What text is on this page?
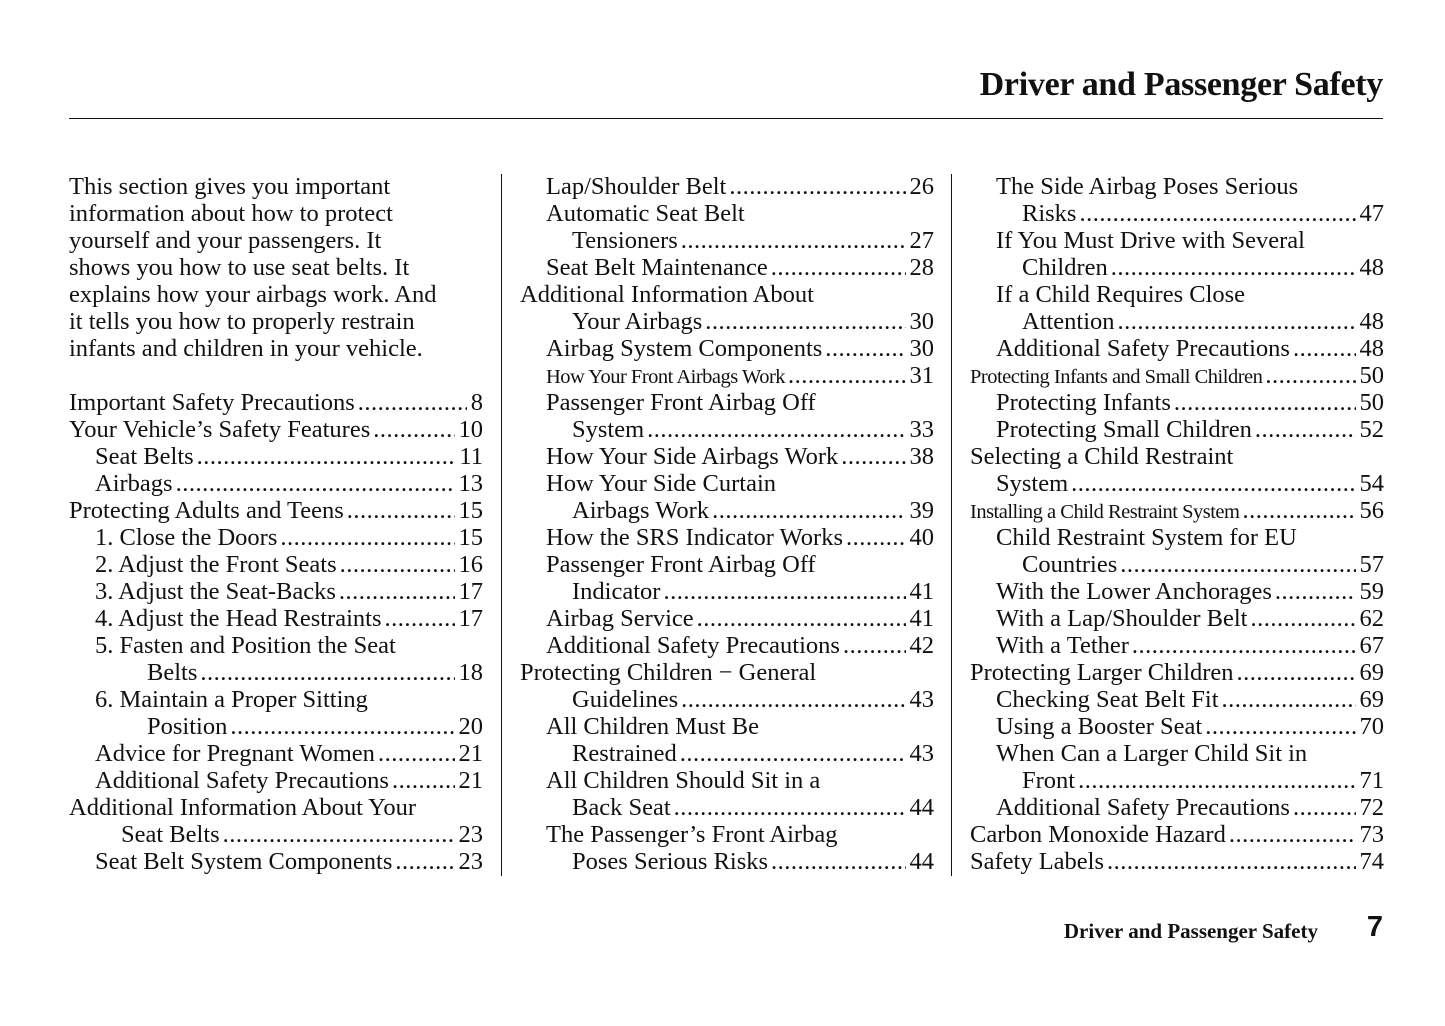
Driver and Passenger Safety
This section gives you important
information about how to protect
yourself and your passengers. It
shows you how to use seat belts. It
explains how your airbags work. And
it tells you how to properly restrain
infants and children in your vehicle.
Important Safety Precautions .....	8
Your Vehicle’s Safety Features .....	10
Seat Belts .....	11
Airbags .....	13
Protecting Adults and Teens .....	15
1. Close the Doors .....	15
2. Adjust the Front Seats .....	16
3. Adjust the Seat-Backs .....	17
4. Adjust the Head Restraints .....	17
5. Fasten and Position the Seat
Belts .....	18
6. Maintain a Proper Sitting
Position .....	20
Advice for Pregnant Women .....	21
Additional Safety Precautions .....	21
Additional Information About Your
Seat Belts .....	23
Seat Belt System Components .....	23
Lap/Shoulder Belt .....	26
Automatic Seat Belt
Tensioners .....	27
Seat Belt Maintenance .....	28
Additional Information About
Your Airbags .....	30
Airbag System Components .....	30
How Your Front Airbags Work .....	31
Passenger Front Airbag Off
System .....	33
How Your Side Airbags Work .....	38
How Your Side Curtain
Airbags Work .....	39
How the SRS Indicator Works .....	40
Passenger Front Airbag Off
Indicator .....	41
Airbag Service .....	41
Additional Safety Precautions .....	42
Protecting Children − General
Guidelines .....	43
All Children Must Be
Restrained .....	43
All Children Should Sit in a
Back Seat .....	44
The Passenger’s Front Airbag
Poses Serious Risks .....	44
The Side Airbag Poses Serious
Risks .....	47
If You Must Drive with Several
Children .....	48
If a Child Requires Close
Attention .....	48
Additional Safety Precautions .....	48
Protecting Infants and Small Children .....	50
Protecting Infants .....	50
Protecting Small Children .....	52
Selecting a Child Restraint
System .....	54
Installing a Child Restraint System .....	56
Child Restraint System for EU
Countries .....	57
With the Lower Anchorages .....	59
With a Lap/Shoulder Belt .....	62
With a Tether .....	67
Protecting Larger Children .....	69
Checking Seat Belt Fit .....	69
Using a Booster Seat .....	70
When Can a Larger Child Sit in
Front .....	71
Additional Safety Precautions .....	72
Carbon Monoxide Hazard .....	73
Safety Labels .....	74

Driver and Passenger Safety 7
